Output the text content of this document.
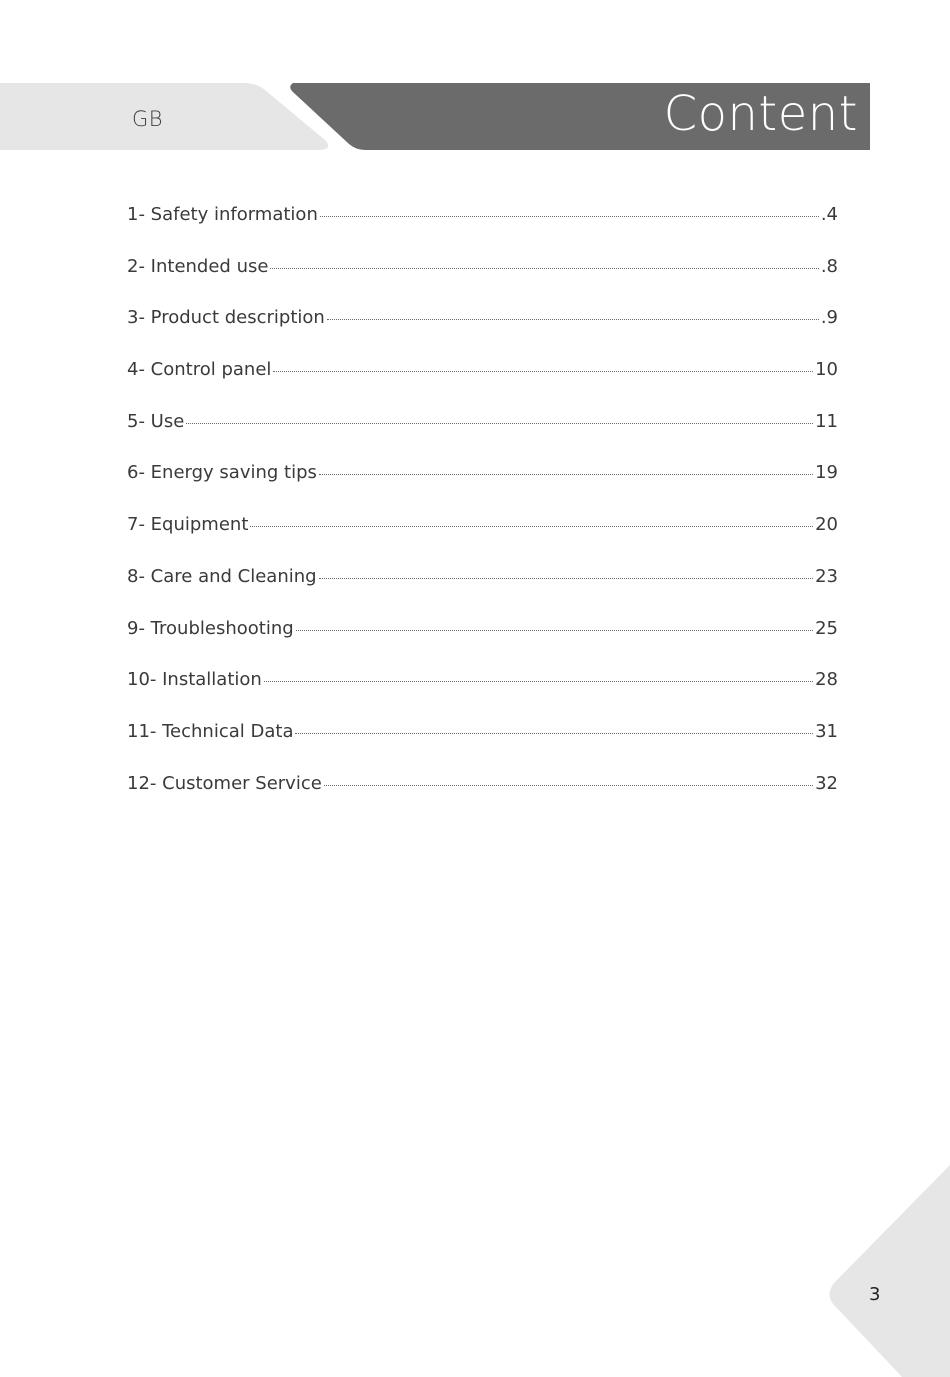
GB	Content
1- Safety information	.4
2- Intended use	.8
3- Product description	.9
4- Control panel	10
5- Use	11
6- Energy saving tips	19
7- Equipment	20
8- Care and Cleaning	23
9- Troubleshooting	25
10- Installation	28
11- Technical Data	31
12- Customer Service	32
3
